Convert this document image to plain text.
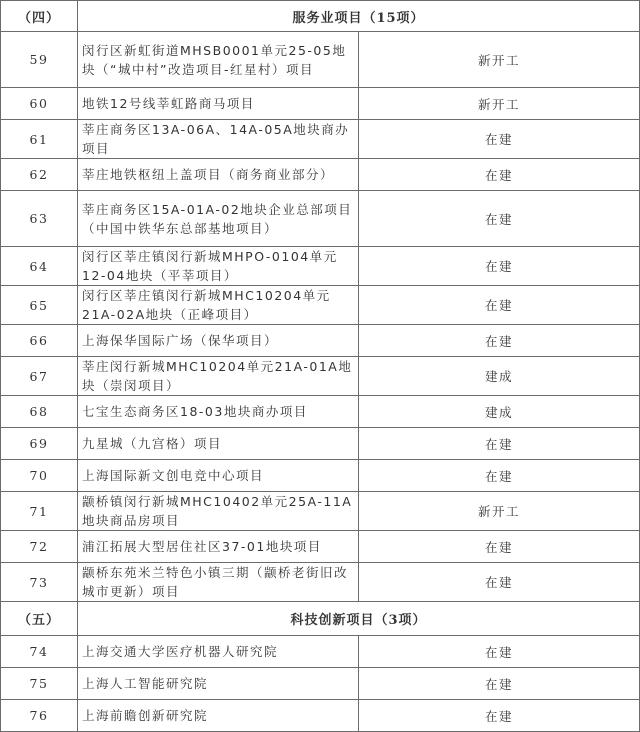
（四）	服务业项目（15项）	
59	闵行区新虹街道MHSB0001单元25-05地块（“城中村”改造项目-红星村）项目	新开工
60	地铁12号线莘虹路商马项目	新开工
61	莘庄商务区13A-06A、14A-05A地块商办项目	在建
62	莘庄地铁枢纽上盖项目（商务商业部分）	在建
63	莘庄商务区15A-01A-02地块企业总部项目（中国中铁华东总部基地项目）	在建
64	闵行区莘庄镇闵行新城MHPO-0104单元12-04地块（平莘项目）	在建
65	闵行区莘庄镇闵行新城MHC10204单元21A-02A地块（正峰项目）	在建
66	上海保华国际广场（保华项目）	在建
67	莘庄闵行新城MHC10204单元21A-01A地块（崇闵项目）	建成
68	七宝生态商务区18-03地块商办项目	建成
69	九星城（九宫格）项目	在建
70	上海国际新文创电竞中心项目	在建
71	颛桥镇闵行新城MHC10402单元25A-11A地块商品房项目	新开工
72	浦江拓展大型居住社区37-01地块项目	在建
73	颛桥东苑米兰特色小镇三期（颛桥老街旧改城市更新）项目	在建
（五）	科技创新项目（3项）	
74	上海交通大学医疗机器人研究院	在建
75	上海人工智能研究院	在建
76	上海前瞻创新研究院	在建
